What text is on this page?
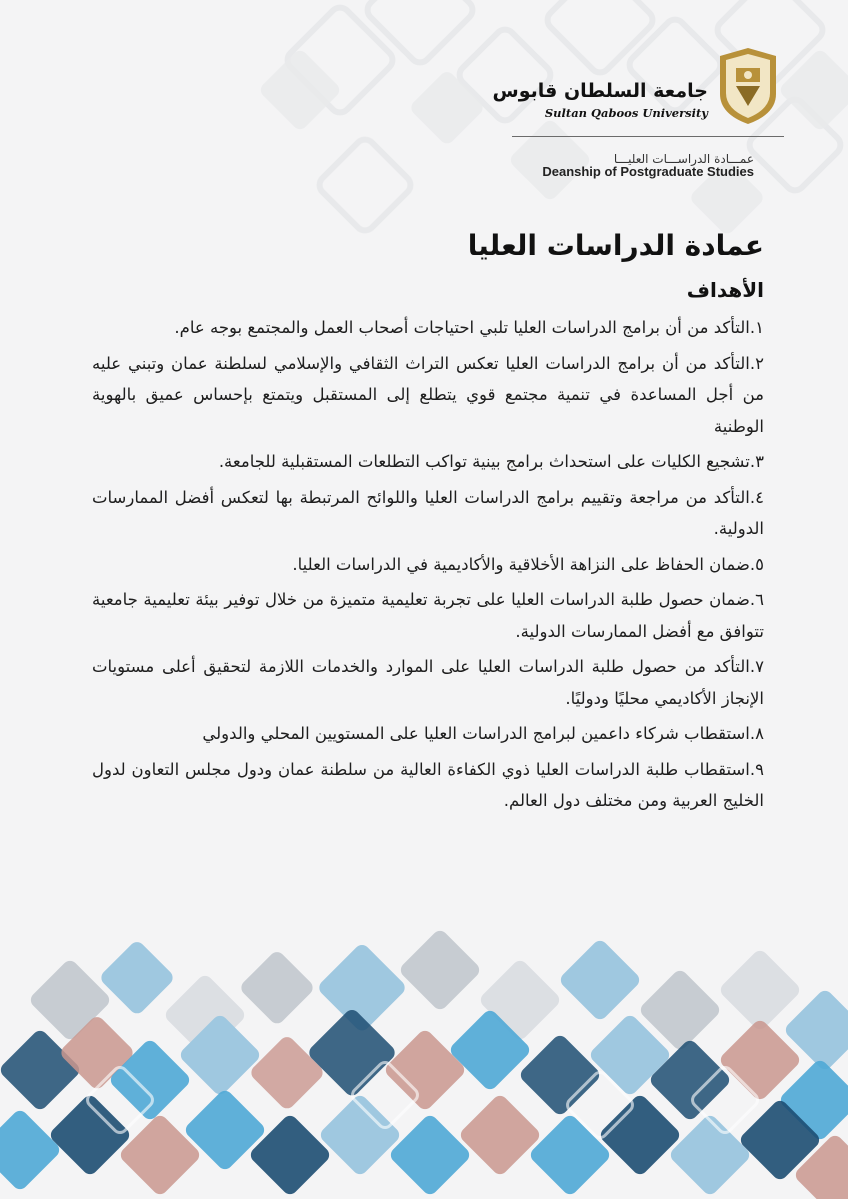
جامعة السلطان قابوس
Sultan Qaboos University
عمـــادة الدراســـات العليـــا
Deanship of Postgraduate Studies
عمادة الدراسات العليا
الأهداف

١.التأكد من أن برامج الدراسات العليا تلبي احتياجات أصحاب العمل والمجتمع بوجه عام.

٢.التأكد من أن برامج الدراسات العليا تعكس التراث الثقافي والإسلامي لسلطنة عمان وتبني عليه من أجل المساعدة في تنمية مجتمع قوي يتطلع إلى المستقبل ويتمتع بإحساس عميق بالهوية الوطنية

٣.تشجيع الكليات على استحداث برامج بينية تواكب التطلعات المستقبلية للجامعة.

٤.التأكد من مراجعة وتقييم برامج الدراسات العليا واللوائح المرتبطة بها لتعكس أفضل الممارسات الدولية.

٥.ضمان الحفاظ على النزاهة الأخلاقية والأكاديمية في الدراسات العليا.

٦.ضمان حصول طلبة الدراسات العليا على تجربة تعليمية متميزة من خلال توفير بيئة تعليمية جامعية تتوافق مع أفضل الممارسات الدولية.

٧.التأكد من حصول طلبة الدراسات العليا على الموارد والخدمات اللازمة لتحقيق أعلى مستويات الإنجاز الأكاديمي محليًا ودوليًا.

٨.استقطاب شركاء داعمين لبرامج الدراسات العليا على المستويين المحلي والدولي

٩.استقطاب طلبة الدراسات العليا ذوي الكفاءة العالية من سلطنة عمان ودول مجلس التعاون لدول الخليج العربية ومن مختلف دول العالم.
